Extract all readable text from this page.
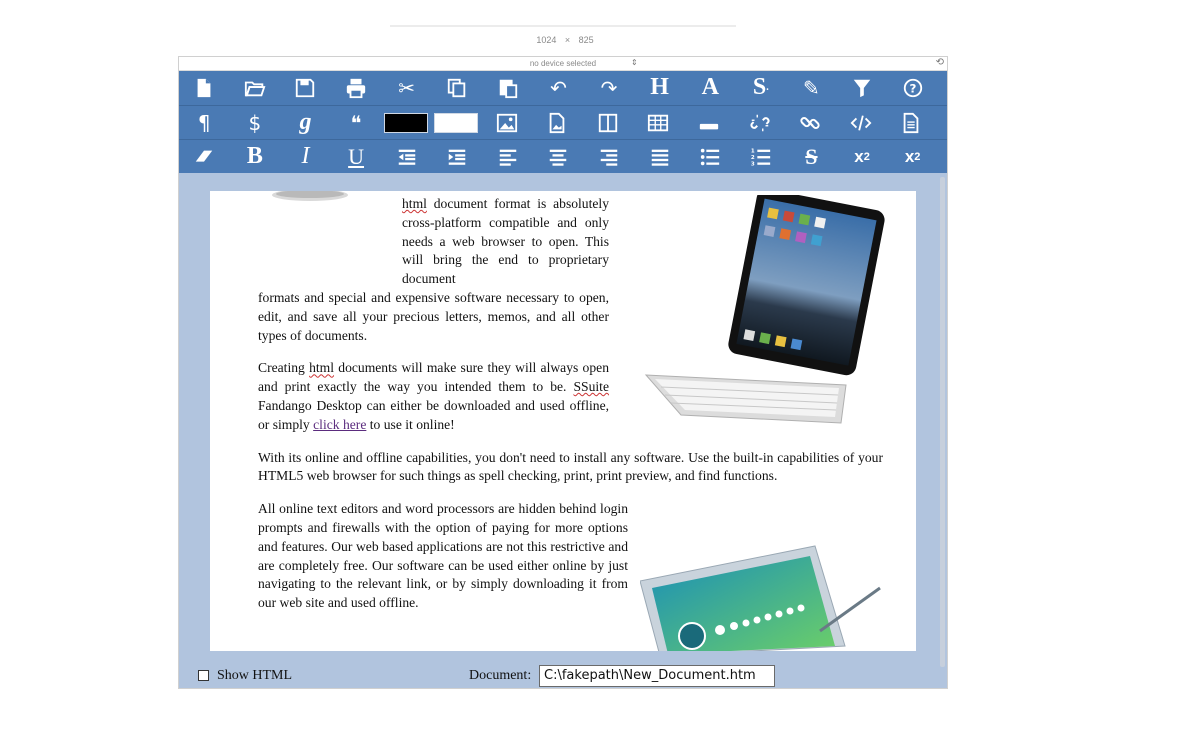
1024 × 825
no device selected	⇕	⟲
✂	↶	↷	H	A	S .	✎	?
¶	$	g	❝
B	I	U	1
2
3	S	x 2	x 2

html document format is absolutely cross-platform compatible and only needs a web browser to open. This will bring the end to proprietary document

formats and special and expensive software necessary to open, edit, and save all your precious letters, memos, and all other types of documents.

Creating html documents will make sure they will always open and print exactly the way you intended them to be. SSuite Fandango Desktop can either be downloaded and used offline, or simply click here to use it online!

With its online and offline capabilities, you don't need to install any software. Use the built-in capabilities of your HTML5 web browser for such things as spell checking, print, print preview, and find functions.

All online text editors and word processors are hidden behind login prompts and firewalls with the option of paying for more options and features. Our web based applications are not this restrictive and are completely free. Our software can be used either online by just navigating to the relevant link, or by simply downloading it from our web site and used offline.

Show HTML	Document: C:\fakepath\New_Document.htm
